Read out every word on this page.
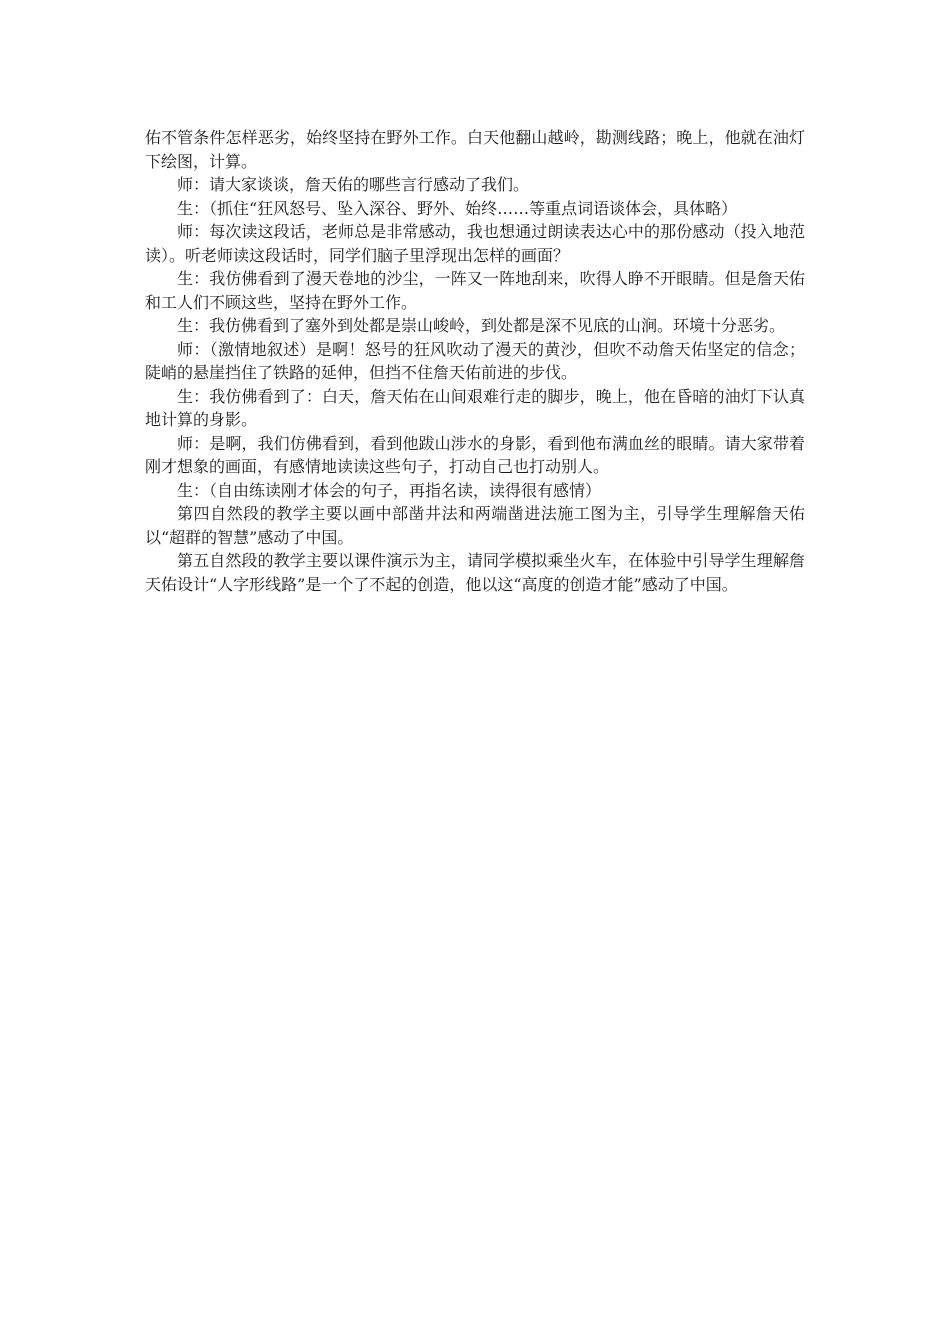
佑不管条件怎样恶劣，始终坚持在野外工作。白天他翻山越岭，勘测线路；晚上，他就在油灯下绘图，计算。

师：请大家谈谈，詹天佑的哪些言行感动了我们。

生：（抓住“狂风怒号、坠入深谷、野外、始终……等重点词语谈体会，具体略）

师：每次读这段话，老师总是非常感动，我也想通过朗读表达心中的那份感动（投入地范读）。听老师读这段话时，同学们脑子里浮现出怎样的画面？

生：我仿佛看到了漫天卷地的沙尘，一阵又一阵地刮来，吹得人睁不开眼睛。但是詹天佑和工人们不顾这些，坚持在野外工作。

生：我仿佛看到了塞外到处都是崇山峻岭，到处都是深不见底的山涧。环境十分恶劣。

师：（激情地叙述）是啊！怒号的狂风吹动了漫天的黄沙，但吹不动詹天佑坚定的信念；陡峭的悬崖挡住了铁路的延伸，但挡不住詹天佑前进的步伐。

生：我仿佛看到了：白天，詹天佑在山间艰难行走的脚步，晚上，他在昏暗的油灯下认真地计算的身影。

师：是啊，我们仿佛看到，看到他跋山涉水的身影，看到他布满血丝的眼睛。请大家带着刚才想象的画面，有感情地读读这些句子，打动自己也打动别人。

生：（自由练读刚才体会的句子，再指名读，读得很有感情）

第四自然段的教学主要以画中部凿井法和两端凿进法施工图为主，引导学生理解詹天佑以“超群的智慧”感动了中国。

第五自然段的教学主要以课件演示为主，请同学模拟乘坐火车，在体验中引导学生理解詹天佑设计“人字形线路”是一个了不起的创造，他以这“高度的创造才能”感动了中国。
